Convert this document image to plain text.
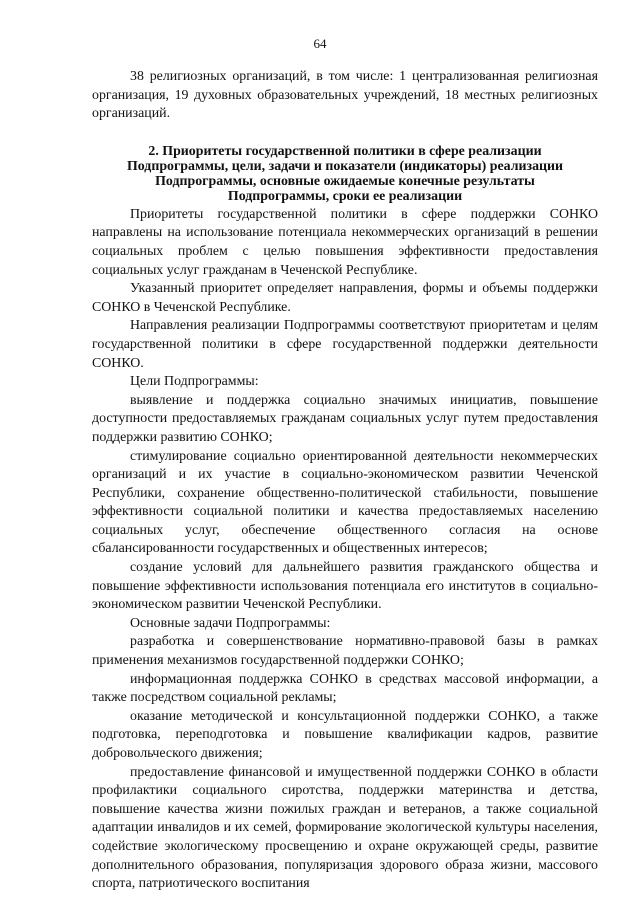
64

38 религиозных организаций, в том числе: 1 централизованная религиозная организация, 19 духовных образовательных учреждений, 18 местных религиозных организаций.

2. Приоритеты государственной политики в сфере реализации Подпрограммы, цели, задачи и показатели (индикаторы) реализации Подпрограммы, основные ожидаемые конечные результаты Подпрограммы, сроки ее реализации

Приоритеты государственной политики в сфере поддержки СОНКО направлены на использование потенциала некоммерческих организаций в решении социальных проблем с целью повышения эффективности предоставления социальных услуг гражданам в Чеченской Республике.

Указанный приоритет определяет направления, формы и объемы поддержки СОНКО в Чеченской Республике.

Направления реализации Подпрограммы соответствуют приоритетам и целям государственной политики в сфере государственной поддержки деятельности СОНКО.

Цели Подпрограммы:

выявление и поддержка социально значимых инициатив, повышение доступности предоставляемых гражданам социальных услуг путем предоставления поддержки развитию СОНКО;

стимулирование социально ориентированной деятельности некоммерческих организаций и их участие в социально-экономическом развитии Чеченской Республики, сохранение общественно-политической стабильности, повышение эффективности социальной политики и качества предоставляемых населению социальных услуг, обеспечение общественного согласия на основе сбалансированности государственных и общественных интересов;

создание условий для дальнейшего развития гражданского общества и повышение эффективности использования потенциала его институтов в социально-экономическом развитии Чеченской Республики.

Основные задачи Подпрограммы:

разработка и совершенствование нормативно-правовой базы в рамках применения механизмов государственной поддержки СОНКО;

информационная поддержка СОНКО в средствах массовой информации, а также посредством социальной рекламы;

оказание методической и консультационной поддержки СОНКО, а также подготовка, переподготовка и повышение квалификации кадров, развитие добровольческого движения;

предоставление финансовой и имущественной поддержки СОНКО в области профилактики социального сиротства, поддержки материнства и детства, повышение качества жизни пожилых граждан и ветеранов, а также социальной адаптации инвалидов и их семей, формирование экологической культуры населения, содействие экологическому просвещению и охране окружающей среды, развитие дополнительного образования, популяризация здорового образа жизни, массового спорта, патриотического воспитания
